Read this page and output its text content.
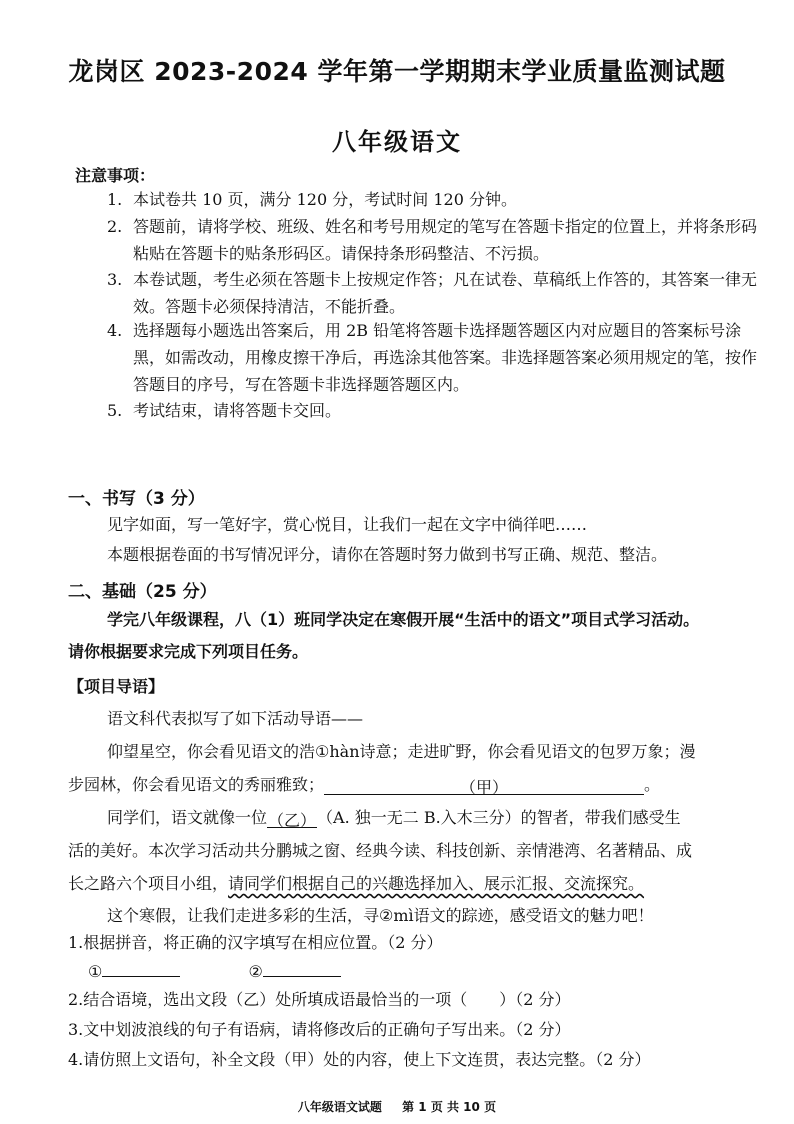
龙岗区 2023-2024 学年第一学期期末学业质量监测试题
八年级语文
注意事项：
1. 本试卷共 10 页，满分 120 分，考试时间 120 分钟。
2. 答题前，请将学校、班级、姓名和考号用规定的笔写在答题卡指定的位置上，并将条形码粘贴在答题卡的贴条形码区。请保持条形码整洁、不污损。
3. 本卷试题，考生必须在答题卡上按规定作答；凡在试卷、草稿纸上作答的，其答案一律无效。答题卡必须保持清洁，不能折叠。
4. 选择题每小题选出答案后，用 2B 铅笔将答题卡选择题答题区内对应题目的答案标号涂黑，如需改动，用橡皮擦干净后，再选涂其他答案。非选择题答案必须用规定的笔，按作答题目的序号，写在答题卡非选择题答题区内。
5. 考试结束，请将答题卡交回。
一、书写（3 分）
见字如面，写一笔好字，赏心悦目，让我们一起在文字中徜徉吧……
本题根据卷面的书写情况评分，请你在答题时努力做到书写正确、规范、整洁。
二、基础（25 分）
学完八年级课程，八（1）班同学决定在寒假开展“生活中的语文”项目式学习活动。
请你根据要求完成下列项目任务。
【项目导语】
语文科代表拟写了如下活动导语——
仰望星空，你会看见语文的浩①hàn诗意；走进旷野，你会看见语文的包罗万象；漫
步园林，你会看见语文的秀丽雅致；	（甲）	。
同学们，语文就像一位（乙）（A. 独一无二 B.入木三分）的智者，带我们感受生
活的美好。本次学习活动共分鹏城之窗、经典今读、科技创新、亲情港湾、名著精品、成
长之路六个项目小组，请同学们根据自己的兴趣选择加入、展示汇报、交流探究。
这个寒假，让我们走进多彩的生活，寻②mì语文的踪迹，感受语文的魅力吧！
1.根据拼音，将正确的汉字填写在相应位置。（2 分）
①	②
2.结合语境，选出文段（乙）处所填成语最恰当的一项（　　）（2 分）
3.文中划波浪线的句子有语病，请将修改后的正确句子写出来。（2 分）
4.请仿照上文语句，补全文段（甲）处的内容，使上下文连贯，表达完整。（2 分）
八年级语文试题 第 1 页 共 10 页
